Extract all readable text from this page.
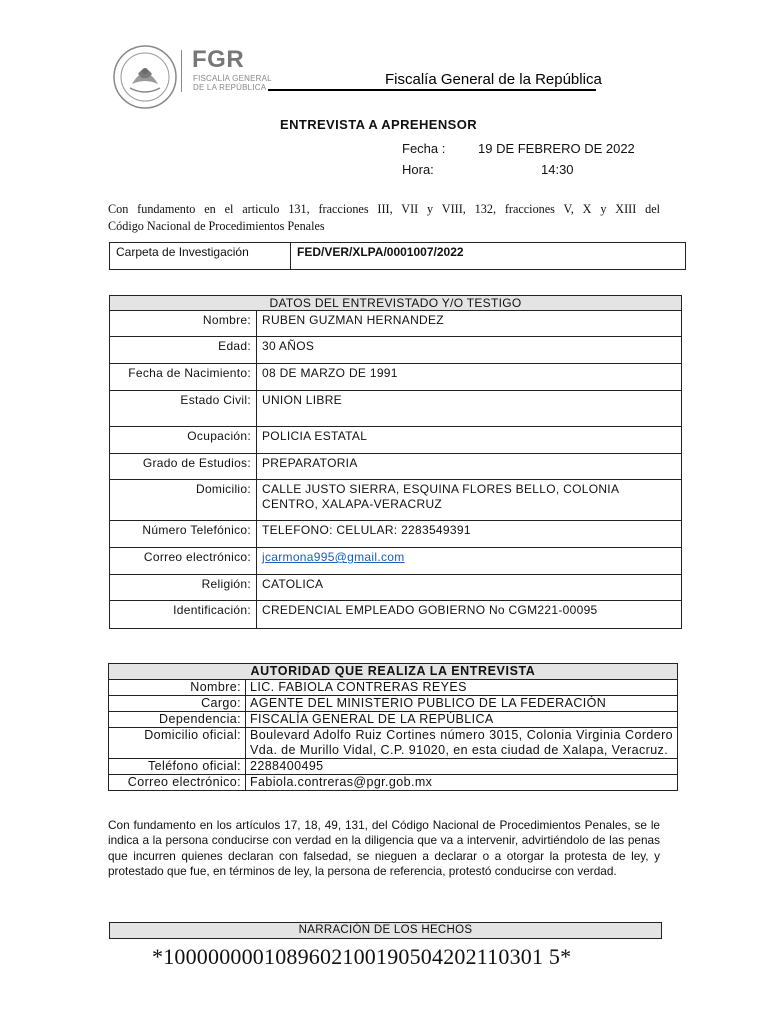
FGR
FISCALÍA GENERAL
DE LA REPÚBLICA	Fiscalía General de la República
ENTREVISTA A APREHENSOR
Fecha :	19 DE FEBRERO DE 2022
Hora:	14:30
Con fundamento en el articulo 131, fracciones III, VII y VIII, 132, fracciones V, X y XIII del
Código Nacional de Procedimientos Penales
Carpeta de Investigación	FED/VER/XLPA/0001007/2022
DATOS DEL ENTREVISTADO Y/O TESTIGO	
Nombre:	RUBEN GUZMAN HERNANDEZ
Edad:	30 AÑOS
Fecha de Nacimiento:	08 DE MARZO DE 1991
Estado Civil:	UNION LIBRE
Ocupación:	POLICIA ESTATAL
Grado de Estudios:	PREPARATORIA
Domicilio:	CALLE JUSTO SIERRA, ESQUINA FLORES BELLO, COLONIA CENTRO, XALAPA-VERACRUZ
Número Telefónico:	TELEFONO: CELULAR: 2283549391
Correo electrónico:	jcarmona995@gmail.com
Religión:	CATOLICA
Identificación:	CREDENCIAL EMPLEADO GOBIERNO No CGM221-00095
AUTORIDAD QUE REALIZA LA ENTREVISTA	
Nombre:	LIC. FABIOLA CONTRERAS REYES
Cargo:	AGENTE DEL MINISTERIO PUBLICO DE LA FEDERACIÓN
Dependencia:	FISCALÍA GENERAL DE LA REPÚBLICA
Domicilio oficial:	Boulevard Adolfo Ruiz Cortines número 3015, Colonia Virginia Cordero Vda. de Murillo Vidal, C.P. 91020, en esta ciudad de Xalapa, Veracruz.
Teléfono oficial:	2288400495
Correo electrónico:	Fabiola.contreras@pgr.gob.mx
Con fundamento en los artículos 17, 18, 49, 131, del Código Nacional de Procedimientos Penales, se le indica a la persona conducirse con verdad en la diligencia que va a intervenir, advirtiéndolo de las penas que incurren quienes declaran con falsedad, se nieguen a declarar o a otorgar la protesta de ley, y protestado que fue, en términos de ley, la persona de referencia, protestó conducirse con verdad.
NARRACIÓN DE LOS HECHOS
*1000000001089602100190504202110301 5*
